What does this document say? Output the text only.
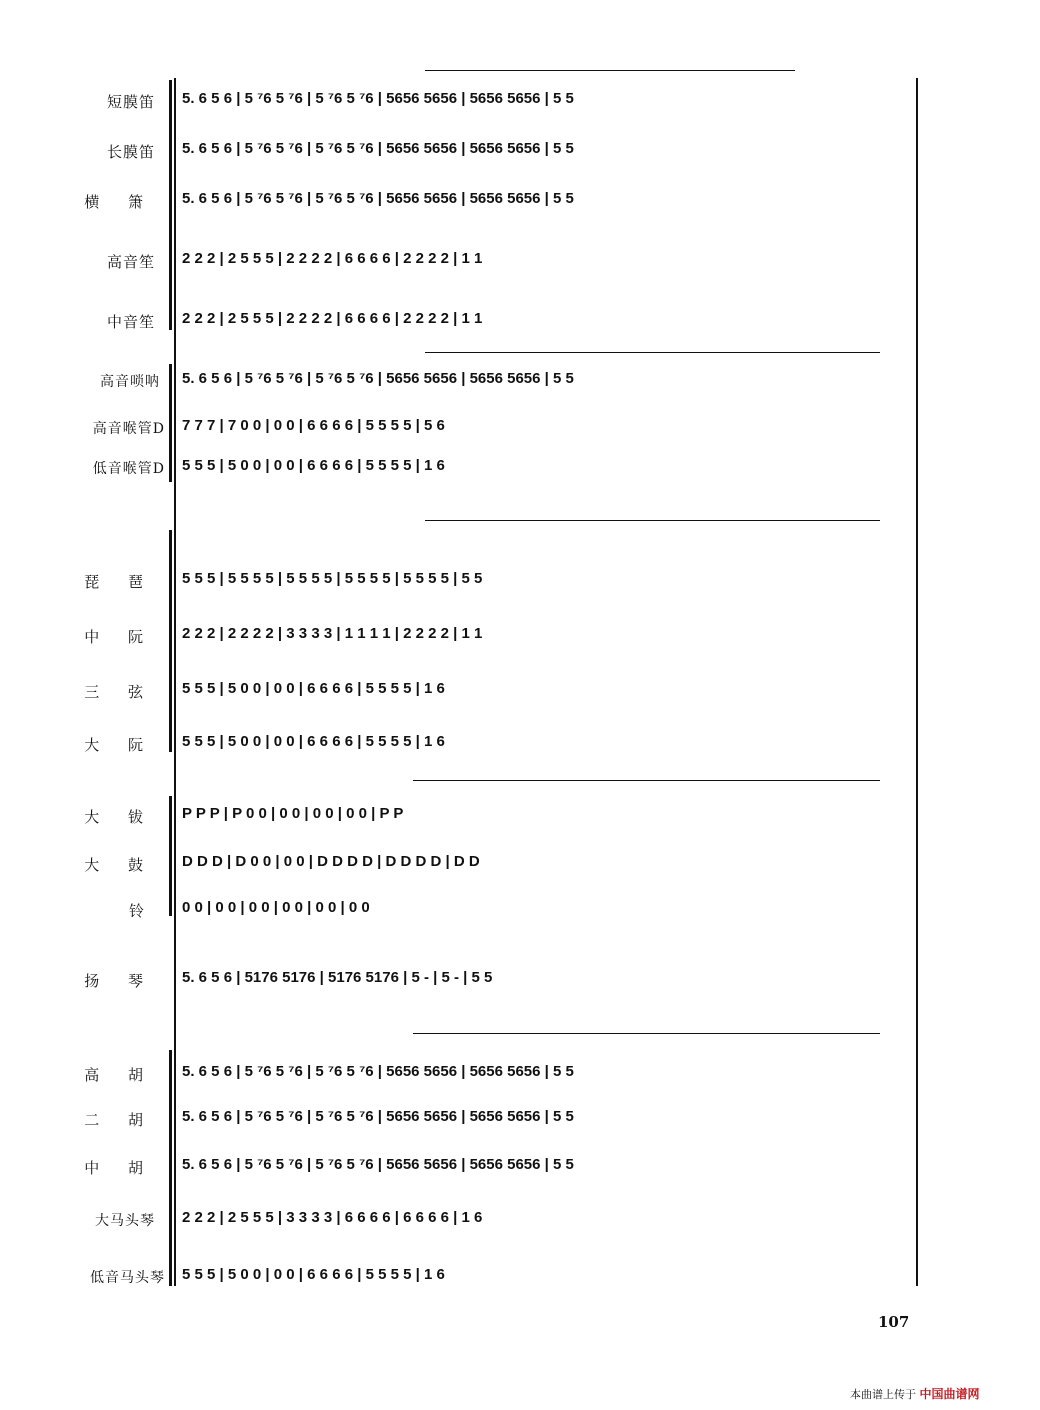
短膜笛
长膜笛
横 箫
高音笙
中音笙
高音唢呐
高音喉管D
低音喉管D
琵 琶
中 阮
三 弦
大 阮
大 钹
大 鼓
铃
扬 琴
高 胡
二 胡
中 胡
大马头琴
低音马头琴
5. 6 5 6 | 5 ⁷6 5 ⁷6 | 5 ⁷6 5 ⁷6 | 5656 5656 | 5656 5656 | 5 5
5. 6 5 6 | 5 ⁷6 5 ⁷6 | 5 ⁷6 5 ⁷6 | 5656 5656 | 5656 5656 | 5 5
5. 6 5 6 | 5 ⁷6 5 ⁷6 | 5 ⁷6 5 ⁷6 | 5656 5656 | 5656 5656 | 5 5
2 2 2 | 2 5 5 5 | 2 2 2 2 | 6 6 6 6 | 2 2 2 2 | 1 1
2 2 2 | 2 5 5 5 | 2 2 2 2 | 6 6 6 6 | 2 2 2 2 | 1 1
5. 6 5 6 | 5 ⁷6 5 ⁷6 | 5 ⁷6 5 ⁷6 | 5656 5656 | 5656 5656 | 5 5
7 7 7 | 7 0 0 | 0 0 | 6 6 6 6 | 5 5 5 5 | 5 6
5 5 5 | 5 0 0 | 0 0 | 6 6 6 6 | 5 5 5 5 | 1 6
5 5 5 | 5 5 5 5 | 5 5 5 5 | 5 5 5 5 | 5 5 5 5 | 5 5
2 2 2 | 2 2 2 2 | 3 3 3 3 | 1 1 1 1 | 2 2 2 2 | 1 1
5 5 5 | 5 0 0 | 0 0 | 6 6 6 6 | 5 5 5 5 | 1 6
5 5 5 | 5 0 0 | 0 0 | 6 6 6 6 | 5 5 5 5 | 1 6
P P P | P 0 0 | 0 0 | 0 0 | 0 0 | P P
D D D | D 0 0 | 0 0 | D D D D | D D D D | D D
0 0 | 0 0 | 0 0 | 0 0 | 0 0 | 0 0
5. 6 5 6 | 5176 5176 | 5176 5176 | 5 - | 5 - | 5 5
5. 6 5 6 | 5 ⁷6 5 ⁷6 | 5 ⁷6 5 ⁷6 | 5656 5656 | 5656 5656 | 5 5
5. 6 5 6 | 5 ⁷6 5 ⁷6 | 5 ⁷6 5 ⁷6 | 5656 5656 | 5656 5656 | 5 5
5. 6 5 6 | 5 ⁷6 5 ⁷6 | 5 ⁷6 5 ⁷6 | 5656 5656 | 5656 5656 | 5 5
2 2 2 | 2 5 5 5 | 3 3 3 3 | 6 6 6 6 | 6 6 6 6 | 1 6
5 5 5 | 5 0 0 | 0 0 | 6 6 6 6 | 5 5 5 5 | 1 6
107
本曲谱上传于 中国曲谱网
